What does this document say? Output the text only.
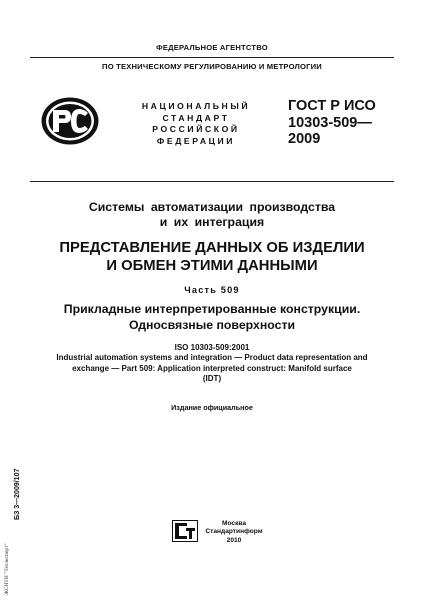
ФЕДЕРАЛЬНОЕ АГЕНТСТВО
ПО ТЕХНИЧЕСКОМУ РЕГУЛИРОВАНИЮ И МЕТРОЛОГИИ
НАЦИОНАЛЬНЫЙ
СТАНДАРТ
РОССИЙСКОЙ
ФЕДЕРАЦИИ
ГОСТ Р ИСО
10303-509—
2009
Системы автоматизации производства
и их интеграция
ПРЕДСТАВЛЕНИЕ ДАННЫХ ОБ ИЗДЕЛИИ
И ОБМЕН ЭТИМИ ДАННЫМИ
Часть 509
Прикладные интерпретированные конструкции.
Односвязные поверхности
ISO 10303-509:2001
Industrial automation systems and integration — Product data representation and
exchange — Part 509: Application interpreted construct: Manifold surface
(IDT)
Издание официальное
БЗ 3—2009/107
ЖСНТИ "Техэксперт"
Москва
Стандартинформ
2010
